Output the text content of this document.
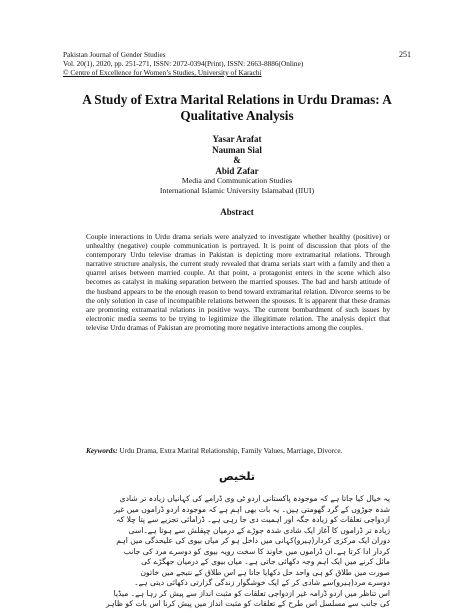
Pakistan Journal of Gender Studies
Vol. 20(1), 2020, pp. 251-271, ISSN: 2072-0394(Print), ISSN: 2663-8886(Online)
© Centre of Excellence for Women’s Studies, University of Karachi
251
A Study of Extra Marital Relations in Urdu Dramas: A Qualitative Analysis
Yasar Arafat
Nauman Sial
&
Abid Zafar
Media and Communication Studies
International Islamic University Islamabad (IIUI)
Abstract
Couple interactions in Urdu drama serials were analyzed to investigate whether healthy (positive) or unhealthy (negative) couple communication is portrayed. It is point of discussion that plots of the contemporary Urdu televise dramas in Pakistan is depicting more extramarital relations. Through narrative structure analysis, the current study revealed that drama serials start with a family and then a quarrel arises between married couple. At that point, a protagonist enters in the scene which also becomes as catalyst in making separation between the married spouses. The bad and harsh attitude of the husband appears to be the enough reason to bend toward extramarital relation. Divorce seems to be the only solution in case of incompatible relations between the spouses. It is apparent that these dramas are promoting extramarital relations in positive ways. The current bombardment of such issues by electronic media seems to be trying to legitimize the illegitimate relation. The analysis depict that televise Urdu dramas of Pakistan are promoting more negative interactions among the couples.
Keywords: Urdu Drama, Extra Marital Relationship, Family Values, Marriage, Divorce.
تلخیص
یہ خیال کیا جاتا ہے کہ موجودہ پاکستانی اردو ٹی وی ڈرامے کی کہانیاں زیادہ تر شادی
شدہ جوڑوں کے گرد گھومتی ہیں۔ یہ بات بھی اہم ہے کہ موجودہ اردو ڈراموں میں غیر
ازدواجی تعلقات کو زیادہ جگہ اور اہمیت دی جا رہی ہے۔ ڈرامائی تجزیے سے پتا چلا کہ
زیادہ تر ڈراموں کا آغاز ایک شادی شدہ جوڑے کے درمیان چپقلش سے ہوتا ہے۔اسی
دوران ایک مرکزی کردار(ہیرو)کہانی میں داخل ہو کر میاں بیوی کی علیحدگی میں اہم
کردار ادا کرتا ہے۔ان ڈراموں میں خاوند کا سخت رویہ بیوی کو دوسرے مرد کی جانب
مائل کرنے میں ایک اہم وجہ دکھائی جاتی ہے۔ میاں بیوی کے درمیان جھگڑے کی
صورت میں طلاق کو ہی واحد حل دکھایا جاتا ہے اس طلاق کے نتیجے میں خاتون
دوسرے مرد(ہیرو)سے شادی کر کے ایک خوشگوار زندگی گزارتی دکھائی دیتی ہے۔
اس تناظر میں اردو ڈرامہ غیر ازدواجی تعلقات کو مثبت انداز سے پیش کر رہا ہے۔ میڈیا
کی جانب سے مسلسل اس طرح کے تعلقات کو مثبت انداز میں پیش کرنا اس بات کو ظاہر
